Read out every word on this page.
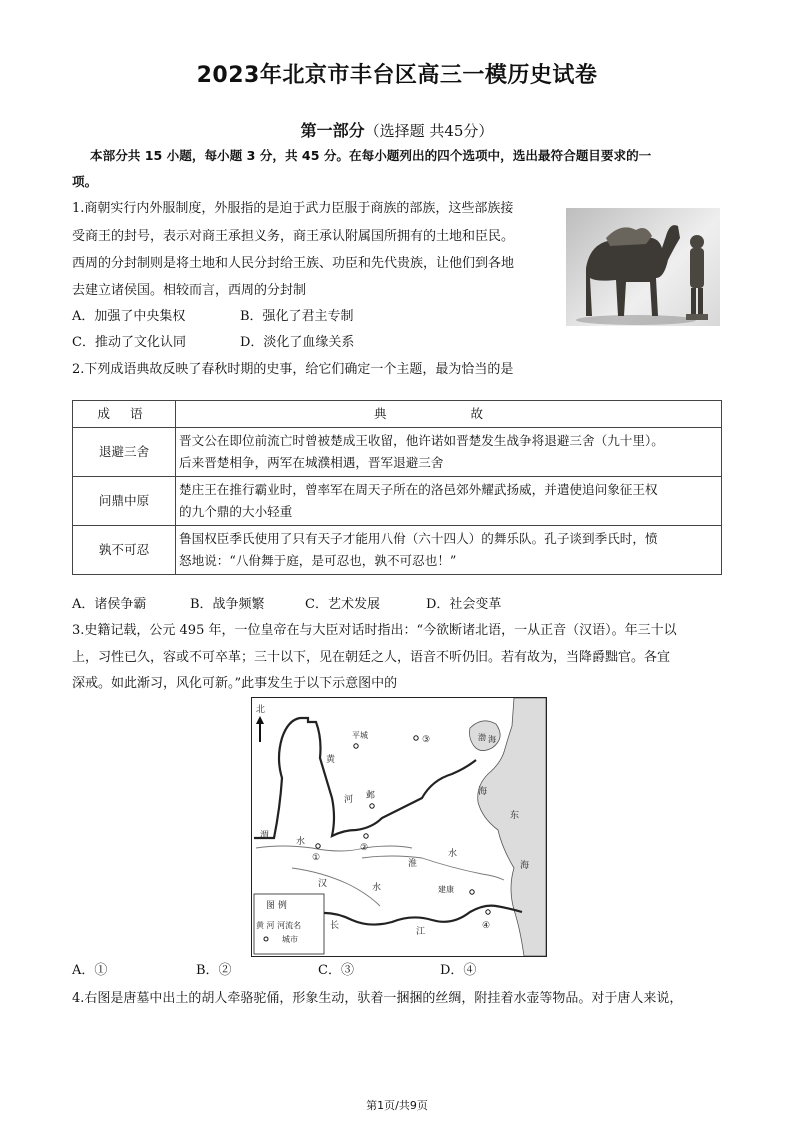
2023年北京市丰台区高三一模历史试卷
第一部分（选择题 共45分）
本部分共 15 小题，每小题 3 分，共 45 分。在每小题列出的四个选项中，选出最符合题目要求的一
项。
1.商朝实行内外服制度，外服指的是迫于武力臣服于商族的部族，这些部族接
受商王的封号，表示对商王承担义务，商王承认附属国所拥有的土地和臣民。
西周的分封制则是将土地和人民分封给王族、功臣和先代贵族，让他们到各地
去建立诸侯国。相较而言，西周的分封制
A．加强了中央集权	B．强化了君主专制
C．推动了文化认同	D．淡化了血缘关系
2.下列成语典故反映了春秋时期的史事，给它们确定一个主题，最为恰当的是
成 语	典 故
退避三舍	晋文公在即位前流亡时曾被楚成王收留，他许诺如晋楚发生战争将退避三舍（九十里）。
后来晋楚相争，两军在城濮相遇，晋军退避三舍

问鼎中原	楚庄王在推行霸业时，曾率军在周天子所在的洛邑郊外耀武扬威，并遣使追问象征王权
的九个鼎的大小轻重

孰不可忍	鲁国权臣季氏使用了只有天子才能用八佾（六十四人）的舞乐队。孔子谈到季氏时，愤
怒地说：“八佾舞于庭，是可忍也，孰不可忍也！”
A．诸侯争霸	B．战争频繁	C．艺术发展	D．社会变革
3.史籍记载，公元 495 年，一位皇帝在与大臣对话时指出：“今欲断诸北语，一从正音（汉语）。年三十以
上，习性已久，容或不可卒革；三十以下，见在朝廷之人，语音不听仍旧。若有故为，当降爵黜官。各宜
深戒。如此渐习，风化可新。”此事发生于以下示意图中的
北
图 例
黄 河 河流名
城市
平城	③
邺
②
①
建康
④
黄
河
渭
水
淮
水
汉	水
长
江
渤 海
海
东
海
A．①	B．②	C．③	D．④
4.右图是唐墓中出土的胡人牵骆驼俑，形象生动，驮着一捆捆的丝绸，附挂着水壶等物品。对于唐人来说，
第1页/共9页
